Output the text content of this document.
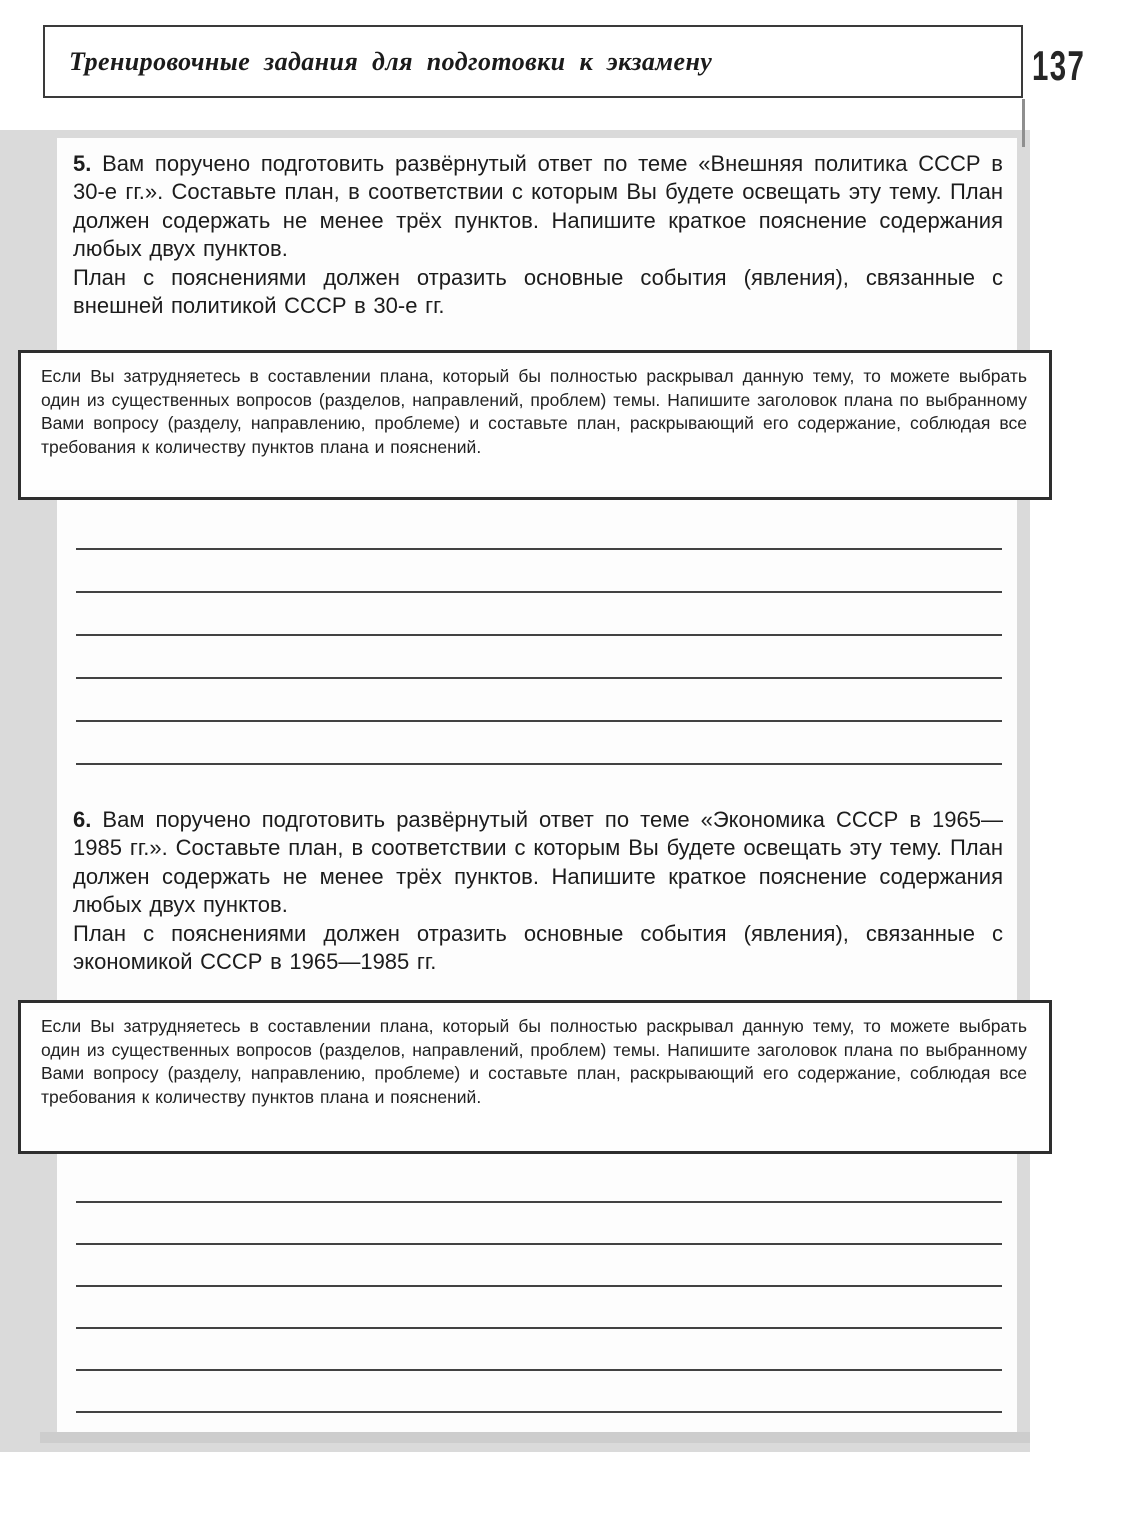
Тренировочные задания для подготовки к экзамену	137

5. Вам поручено подготовить развёрнутый ответ по теме «Внешняя политика СССР в 30-е гг.». Составьте план, в соответствии с которым Вы будете освещать эту тему. План должен содержать не менее трёх пунктов. Напишите краткое пояснение содержания любых двух пунктов.

План с пояснениями должен отразить основные события (явления), связанные с внешней политикой СССР в 30-е гг.

Если Вы затрудняетесь в составлении плана, который бы полностью раскрывал данную тему, то можете выбрать один из существенных вопросов (разделов, направлений, проблем) темы. Напишите заголовок плана по выбранному Вами вопросу (разделу, направлению, проблеме) и составьте план, раскрывающий его содержание, соблюдая все требования к количеству пунктов плана и пояснений.

6. Вам поручено подготовить развёрнутый ответ по теме «Экономика СССР в 1965—1985 гг.». Составьте план, в соответствии с которым Вы будете освещать эту тему. План должен содержать не менее трёх пунктов. Напишите краткое пояснение содержания любых двух пунктов.

План с пояснениями должен отразить основные события (явления), связанные с экономикой СССР в 1965—1985 гг.

Если Вы затрудняетесь в составлении плана, который бы полностью раскрывал данную тему, то можете выбрать один из существенных вопросов (разделов, направлений, проблем) темы. Напишите заголовок плана по выбранному Вами вопросу (разделу, направлению, проблеме) и составьте план, раскрывающий его содержание, соблюдая все требования к количеству пунктов плана и пояснений.
